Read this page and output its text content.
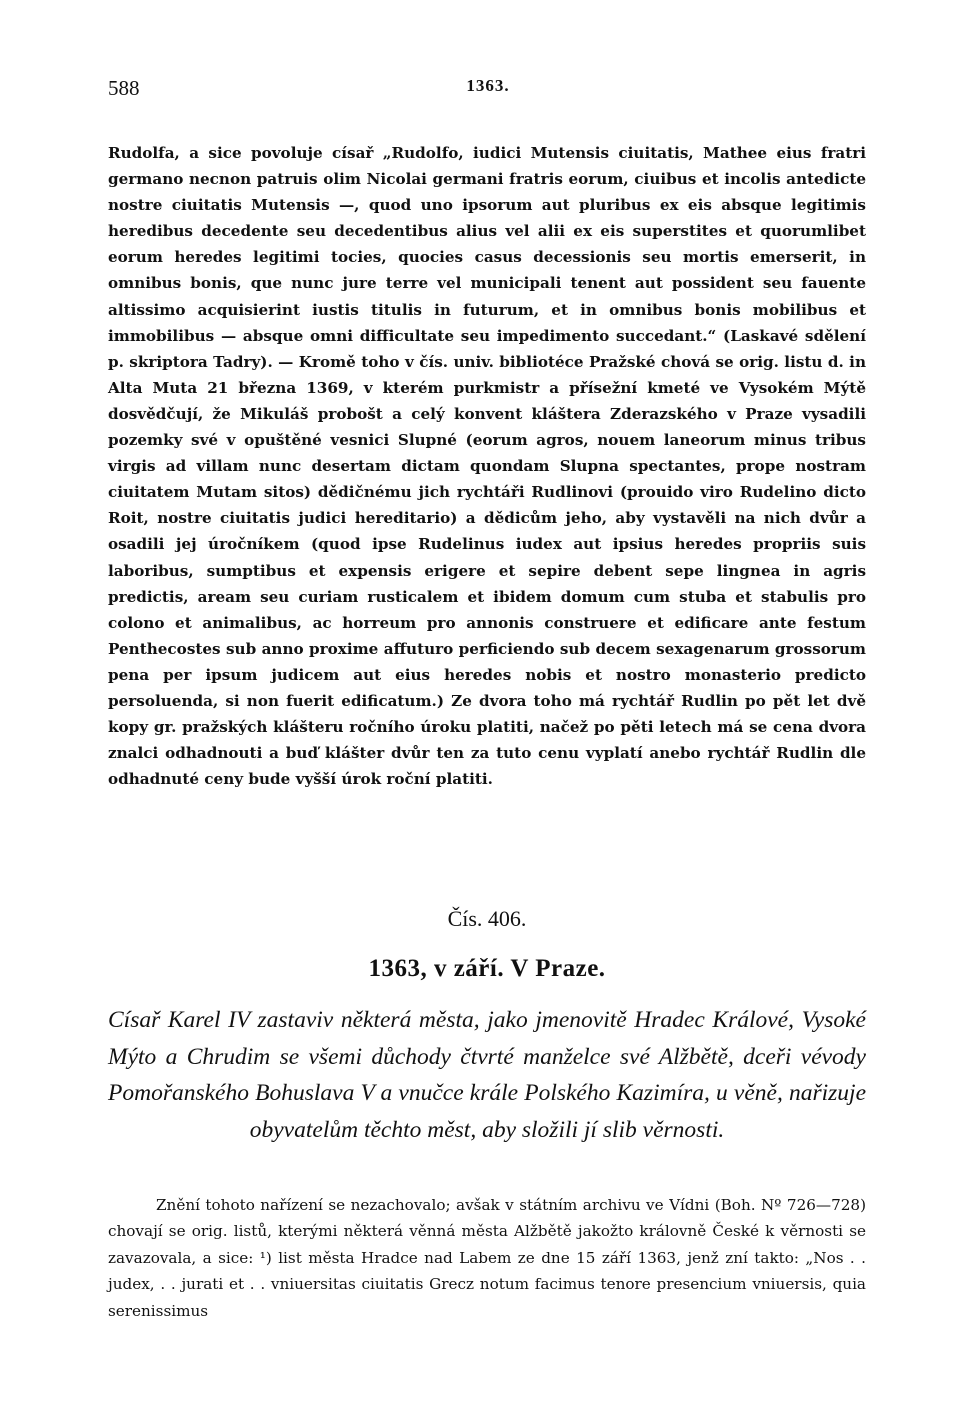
588	1363.

Rudolfa, a sice povoluje císař „Rudolfo, iudici Mutensis ciuitatis, Mathee eius fratri germano necnon patruis olim Nicolai germani fratris eorum, ciuibus et incolis antedicte nostre ciuitatis Mutensis —, quod uno ipsorum aut pluribus ex eis absque legitimis heredibus decedente seu decedentibus alius vel alii ex eis superstites et quorumlibet eorum heredes legitimi tocies, quocies casus decessionis seu mortis emerserit, in omnibus bonis, que nunc jure terre vel municipali tenent aut possident seu fauente altissimo acquisierint iustis titulis in futurum, et in omnibus bonis mobilibus et immobilibus — absque omni difficultate seu impedimento succedant.“ (Laskavé sdělení p. skriptora Tadry). — Kromě toho v čís. univ. bibliotéce Pražské chová se orig. listu d. in Alta Muta 21 března 1369, v kterém purkmistr a přísežní kmeté ve Vysokém Mýtě dosvědčují, že Mikuláš probošt a celý konvent kláštera Zderazského v Praze vysadili pozemky své v opuštěné vesnici Slupné (eorum agros, nouem laneorum minus tribus virgis ad villam nunc desertam dictam quondam Slupna spectantes, prope nostram ciuitatem Mutam sitos) dědičnému jich rychtáři Rudlinovi (prouido viro Rudelino dicto Roit, nostre ciuitatis judici hereditario) a dědicům jeho, aby vystavěli na nich dvůr a osadili jej úročníkem (quod ipse Rudelinus iudex aut ipsius heredes propriis suis laboribus, sumptibus et expensis erigere et sepire debent sepe lingnea in agris predictis, aream seu curiam rusticalem et ibidem domum cum stuba et stabulis pro colono et animalibus, ac horreum pro annonis construere et edificare ante festum Penthecostes sub anno proxime affuturo perficiendo sub decem sexagenarum grossorum pena per ipsum judicem aut eius heredes nobis et nostro monasterio predicto persoluenda, si non fuerit edificatum.) Ze dvora toho má rychtář Rudlin po pět let dvě kopy gr. pražských klášteru ročního úroku platiti, načež po pěti letech má se cena dvora znalci odhadnouti a buď klášter dvůr ten za tuto cenu vyplatí anebo rychtář Rudlin dle odhadnuté ceny bude vyšší úrok roční platiti.

Čís. 406.
1363, v září. V Praze.
Císař Karel IV zastaviv některá města, jako jmenovitě Hradec Králové, Vysoké Mýto a Chrudim se všemi důchody čtvrté manželce své Alžbětě, dceři vévody Pomořanského Bohuslava V a vnučce krále Polského Kazimíra, u věně, nařizuje obyvatelům těchto měst, aby složili jí slib věrnosti.

Znění tohoto nařízení se nezachovalo; avšak v státním archivu ve Vídni (Boh. Nº 726—728) chovají se orig. listů, kterými některá věnná města Alžbětě jakožto královně České k věrnosti se zavazovala, a sice: ¹) list města Hradce nad Labem ze dne 15 září 1363, jenž zní takto: „Nos . . judex, . . jurati et . . vniuersitas ciuitatis Grecz notum facimus tenore presencium vniuersis, quia serenissimus
